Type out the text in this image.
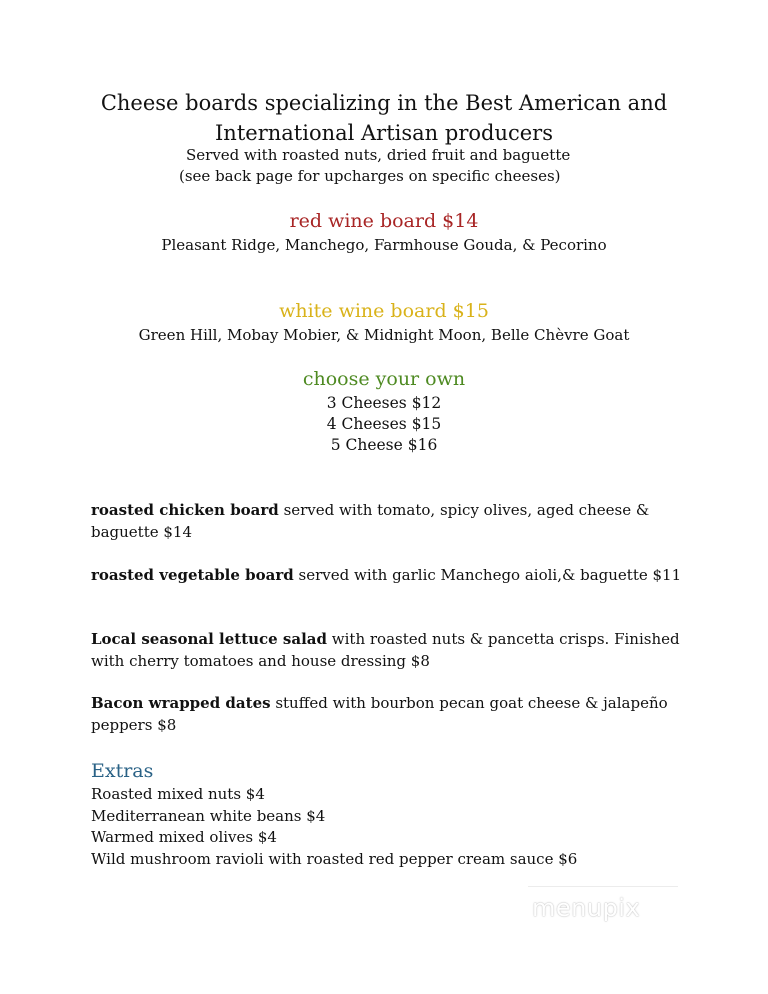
Cheese boards specializing in the Best American and
International Artisan producers
Served with roasted nuts, dried fruit and baguette
(see back page for upcharges on specific cheeses)
red wine board $14
Pleasant Ridge, Manchego, Farmhouse Gouda, & Pecorino
white wine board $15
Green Hill, Mobay Mobier, & Midnight Moon, Belle Chèvre Goat
choose your own
3 Cheeses $12
4 Cheeses $15
5 Cheese $16
roasted chicken board served with tomato, spicy olives, aged cheese & baguette $14
roasted vegetable board served with garlic Manchego aioli,& baguette $11
Local seasonal lettuce salad with roasted nuts & pancetta crisps. Finished with cherry tomatoes and house dressing $8
Bacon wrapped dates stuffed with bourbon pecan goat cheese & jalapeño peppers $8
Extras
Roasted mixed nuts $4
Mediterranean white beans $4
Warmed mixed olives $4
Wild mushroom ravioli with roasted red pepper cream sauce $6
menupix
